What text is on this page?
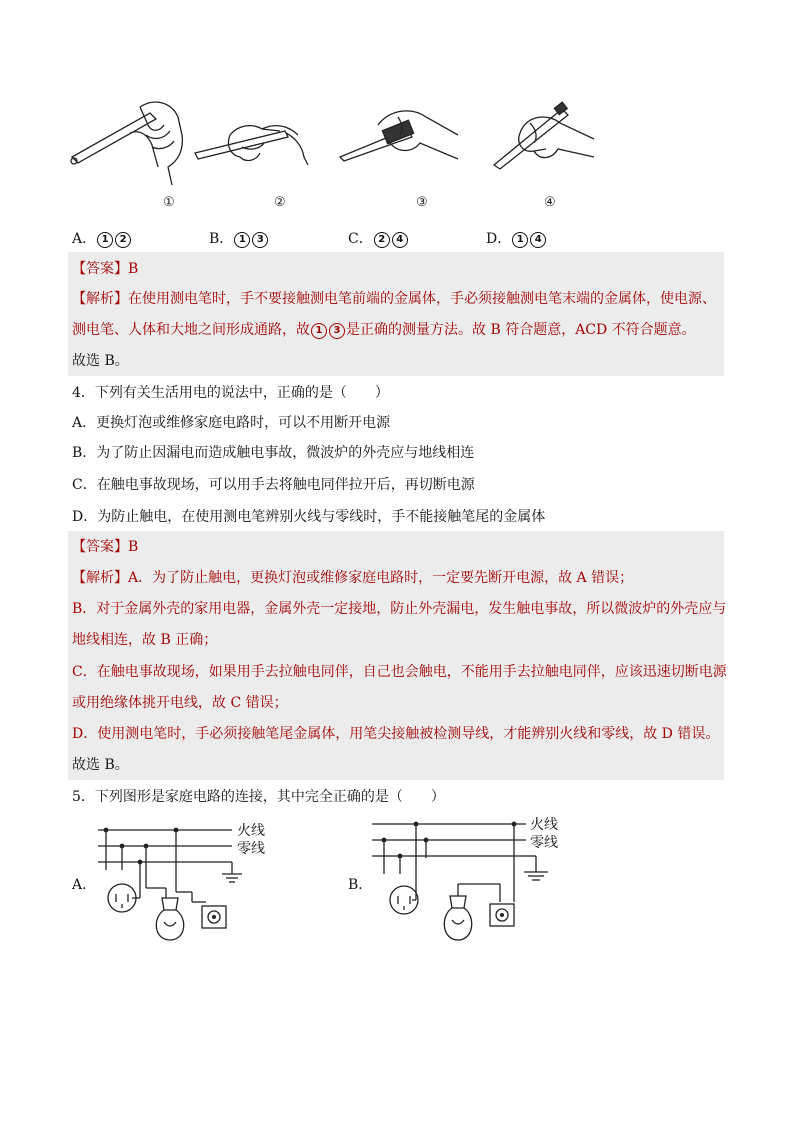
①	②	③	④
A． 1 2	B． 1 3	C． 2 4	D． 1 4
【答案】B
【解析】在使用测电笔时，手不要接触测电笔前端的金属体，手必须接触测电笔末端的金属体，使电源、
测电笔、人体和大地之间形成通路，故 1 3 是正确的测量方法。故 B 符合题意，ACD 不符合题意。
故选 B。
4．下列有关生活用电的说法中，正确的是（　　）
A．更换灯泡或维修家庭电路时，可以不用断开电源
B．为了防止因漏电而造成触电事故，微波炉的外壳应与地线相连
C．在触电事故现场，可以用手去将触电同伴拉开后，再切断电源
D．为防止触电，在使用测电笔辨别火线与零线时，手不能接触笔尾的金属体
【答案】B
【解析】A．为了防止触电，更换灯泡或维修家庭电路时，一定要先断开电源，故 A 错误；
B．对于金属外壳的家用电器，金属外壳一定接地，防止外壳漏电，发生触电事故，所以微波炉的外壳应与
地线相连，故 B 正确；
C．在触电事故现场，如果用手去拉触电同伴，自己也会触电，不能用手去拉触电同伴，应该迅速切断电源
或用绝缘体挑开电线，故 C 错误；
D．使用测电笔时，手必须接触笔尾金属体，用笔尖接触被检测导线，才能辨别火线和零线，故 D 错误。
故选 B。
5．下列图形是家庭电路的连接，其中完全正确的是（　　）
A．
火线
零线
B．
火线
零线
